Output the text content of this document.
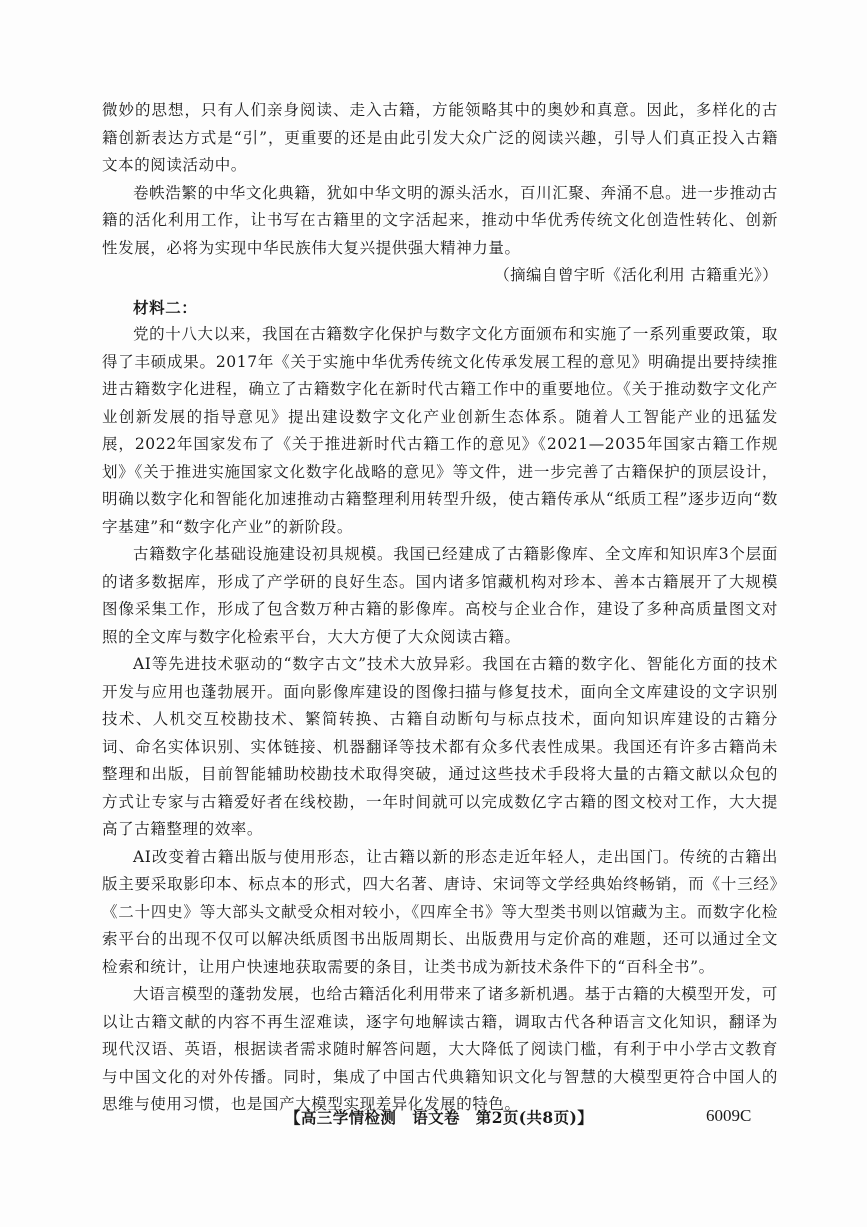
微妙的思想，只有人们亲身阅读、走入古籍，方能领略其中的奥妙和真意。因此，多样化的古籍创新表达方式是“引”，更重要的还是由此引发大众广泛的阅读兴趣，引导人们真正投入古籍文本的阅读活动中。

卷帙浩繁的中华文化典籍，犹如中华文明的源头活水，百川汇聚、奔涌不息。进一步推动古籍的活化利用工作，让书写在古籍里的文字活起来，推动中华优秀传统文化创造性转化、创新性发展，必将为实现中华民族伟大复兴提供强大精神力量。

（摘编自曾宇昕《活化利用 古籍重光》）

材料二：

党的十八大以来，我国在古籍数字化保护与数字文化方面颁布和实施了一系列重要政策，取得了丰硕成果。2017年《关于实施中华优秀传统文化传承发展工程的意见》明确提出要持续推进古籍数字化进程，确立了古籍数字化在新时代古籍工作中的重要地位。《关于推动数字文化产业创新发展的指导意见》提出建设数字文化产业创新生态体系。随着人工智能产业的迅猛发展，2022年国家发布了《关于推进新时代古籍工作的意见》《2021—2035年国家古籍工作规划》《关于推进实施国家文化数字化战略的意见》等文件，进一步完善了古籍保护的顶层设计，明确以数字化和智能化加速推动古籍整理利用转型升级，使古籍传承从“纸质工程”逐步迈向“数字基建”和“数字化产业”的新阶段。

古籍数字化基础设施建设初具规模。我国已经建成了古籍影像库、全文库和知识库3个层面的诸多数据库，形成了产学研的良好生态。国内诸多馆藏机构对珍本、善本古籍展开了大规模图像采集工作，形成了包含数万种古籍的影像库。高校与企业合作，建设了多种高质量图文对照的全文库与数字化检索平台，大大方便了大众阅读古籍。

AI等先进技术驱动的“数字古文”技术大放异彩。我国在古籍的数字化、智能化方面的技术开发与应用也蓬勃展开。面向影像库建设的图像扫描与修复技术，面向全文库建设的文字识别技术、人机交互校勘技术、繁简转换、古籍自动断句与标点技术，面向知识库建设的古籍分词、命名实体识别、实体链接、机器翻译等技术都有众多代表性成果。我国还有许多古籍尚未整理和出版，目前智能辅助校勘技术取得突破，通过这些技术手段将大量的古籍文献以众包的方式让专家与古籍爱好者在线校勘，一年时间就可以完成数亿字古籍的图文校对工作，大大提高了古籍整理的效率。

AI改变着古籍出版与使用形态，让古籍以新的形态走近年轻人，走出国门。传统的古籍出版主要采取影印本、标点本的形式，四大名著、唐诗、宋词等文学经典始终畅销，而《十三经》《二十四史》等大部头文献受众相对较小，《四库全书》等大型类书则以馆藏为主。而数字化检索平台的出现不仅可以解决纸质图书出版周期长、出版费用与定价高的难题，还可以通过全文检索和统计，让用户快速地获取需要的条目，让类书成为新技术条件下的“百科全书”。

大语言模型的蓬勃发展，也给古籍活化利用带来了诸多新机遇。基于古籍的大模型开发，可以让古籍文献的内容不再生涩难读，逐字句地解读古籍，调取古代各种语言文化知识，翻译为现代汉语、英语，根据读者需求随时解答问题，大大降低了阅读门槛，有利于中小学古文教育与中国文化的对外传播。同时，集成了中国古代典籍知识文化与智慧的大模型更符合中国人的思维与使用习惯，也是国产大模型实现差异化发展的特色。

【高三学情检测　语文卷　第2页(共8页)】	6009C
